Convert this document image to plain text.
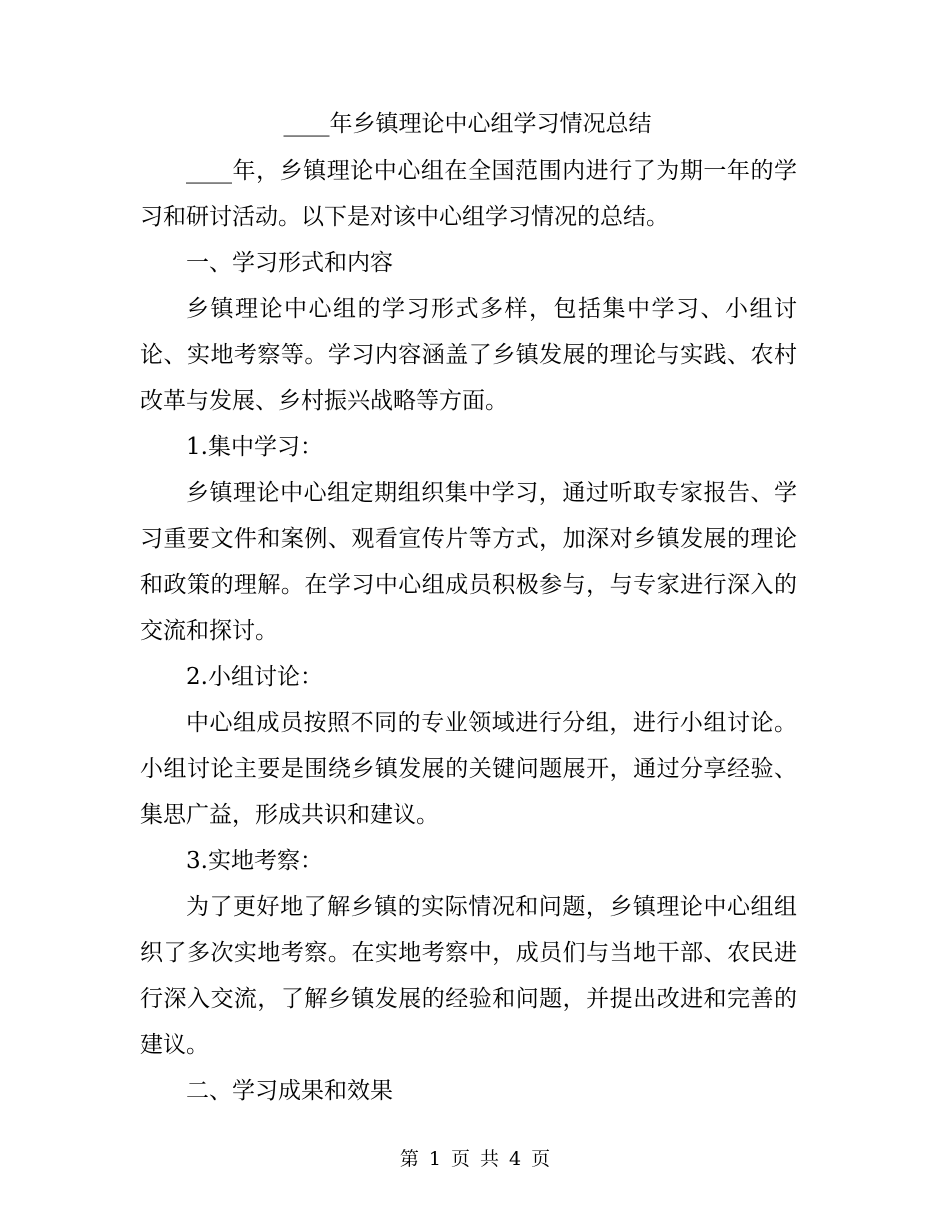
____年乡镇理论中心组学习情况总结

____年，乡镇理论中心组在全国范围内进行了为期一年的学习和研讨活动。以下是对该中心组学习情况的总结。

一、学习形式和内容

乡镇理论中心组的学习形式多样，包括集中学习、小组讨论、实地考察等。学习内容涵盖了乡镇发展的理论与实践、农村改革与发展、乡村振兴战略等方面。

1.集中学习：

乡镇理论中心组定期组织集中学习，通过听取专家报告、学习重要文件和案例、观看宣传片等方式，加深对乡镇发展的理论和政策的理解。在学习中心组成员积极参与，与专家进行深入的交流和探讨。

2.小组讨论：

中心组成员按照不同的专业领域进行分组，进行小组讨论。小组讨论主要是围绕乡镇发展的关键问题展开，通过分享经验、集思广益，形成共识和建议。

3.实地考察：

为了更好地了解乡镇的实际情况和问题，乡镇理论中心组组织了多次实地考察。在实地考察中，成员们与当地干部、农民进行深入交流，了解乡镇发展的经验和问题，并提出改进和完善的建议。

二、学习成果和效果

第 1 页 共 4 页
